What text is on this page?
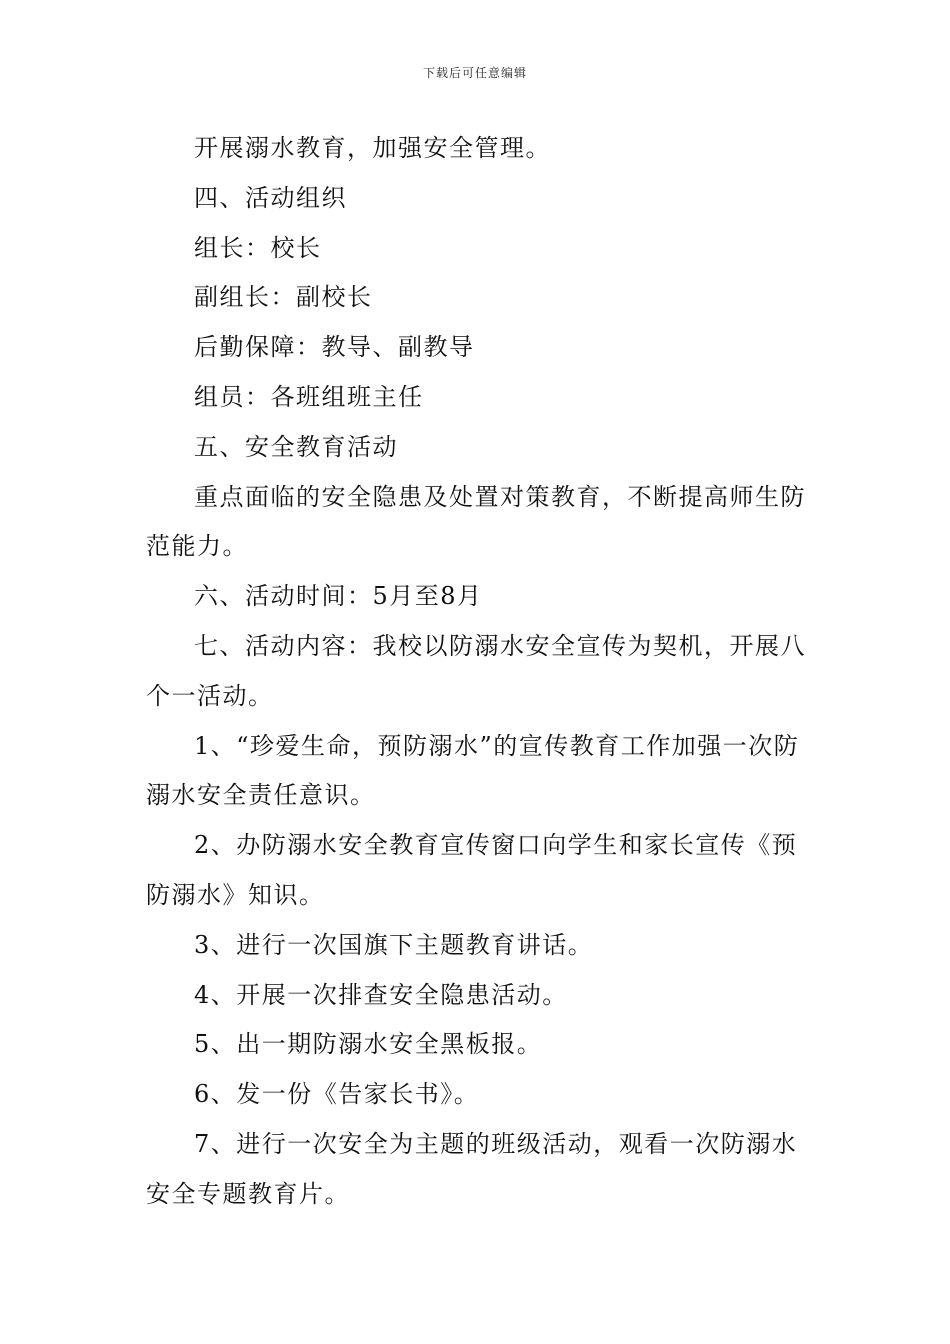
下载后可任意编辑

开展溺水教育，加强安全管理。

四、活动组织

组长：校长

副组长：副校长

后勤保障：教导、副教导

组员：各班组班主任

五、安全教育活动

重点面临的安全隐患及处置对策教育，不断提高师生防范能力。

六、活动时间：5月至8月

七、活动内容：我校以防溺水安全宣传为契机，开展八个一活动。

1、“珍爱生命，预防溺水”的宣传教育工作加强一次防溺水安全责任意识。

2、办防溺水安全教育宣传窗口向学生和家长宣传《预防溺水》知识。

3、进行一次国旗下主题教育讲话。

4、开展一次排查安全隐患活动。

5、出一期防溺水安全黑板报。

6、发一份《告家长书》。

7、进行一次安全为主题的班级活动，观看一次防溺水安全专题教育片。
